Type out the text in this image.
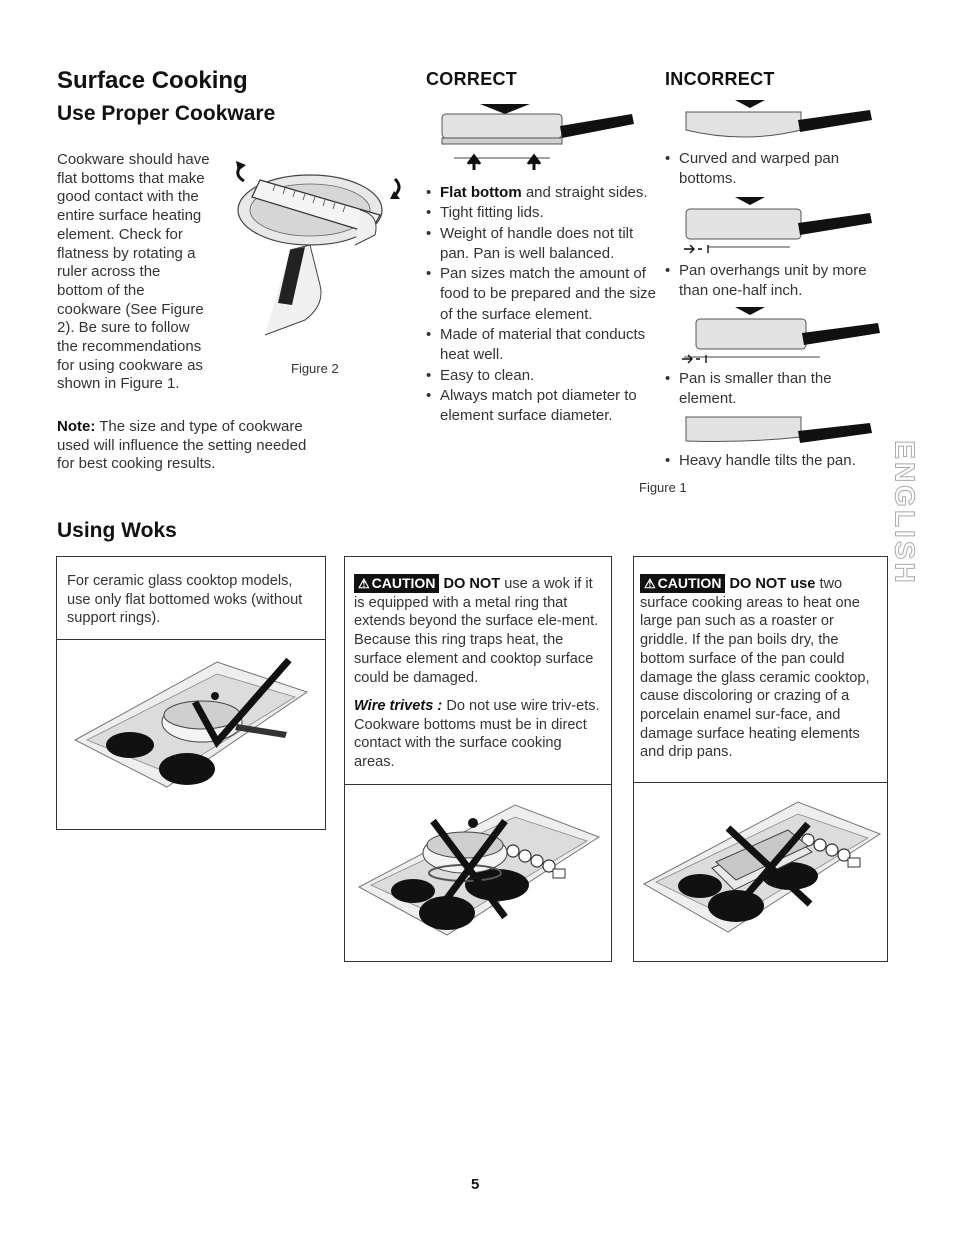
Surface Cooking
Use Proper Cookware
Cookware should have
flat bottoms that make
good contact with the
entire surface heating
element. Check for
flatness by rotating a
ruler across the
bottom of the
cookware (See Figure
2). Be sure to follow
the recommendations
for using cookware as
shown in Figure 1.
Figure 2
Note: The size and type of cookware used will influence the setting needed for best cooking results.
CORRECT
• Flat bottom and straight sides.
• Tight fitting lids.
• Weight of handle does not tilt pan. Pan is well balanced.
• Pan sizes match the amount of food to be prepared and the size of the surface element.
• Made of material that conducts heat well.
• Easy to clean.
• Always match pot diameter to element surface diameter.
INCORRECT
• Curved and warped pan bottoms.
• Pan overhangs unit by more than one-half inch.
• Pan is smaller than the element.
• Heavy handle tilts the pan.
Figure 1	ENGLISH
Using Woks
For ceramic glass cooktop models, use only flat bottomed woks (without support rings).
⚠ CAUTION DO NOT use a wok if it is equipped with a metal ring that extends beyond the surface ele-ment. Because this ring traps heat, the surface element and cooktop surface could be damaged.
Wire trivets : Do not use wire triv-ets. Cookware bottoms must be in direct contact with the surface cooking areas.
⚠ CAUTION DO NOT use two surface cooking areas to heat one large pan such as a roaster or griddle. If the pan boils dry, the bottom surface of the pan could damage the glass ceramic cooktop, cause discoloring or crazing of a porcelain enamel sur-face, and damage surface heating elements and drip pans.
5
